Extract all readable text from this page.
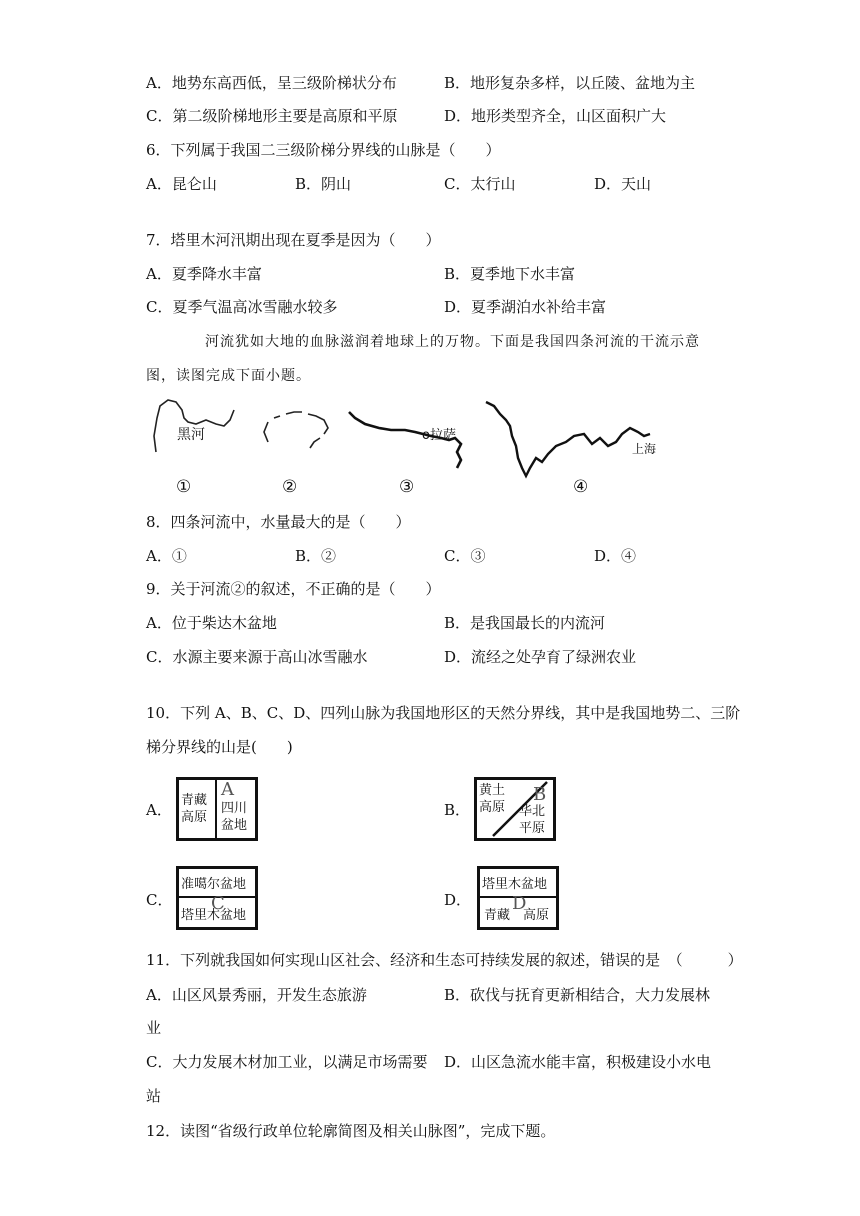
A．地势东高西低，呈三级阶梯状分布	B．地形复杂多样，以丘陵、盆地为主
C．第二级阶梯地形主要是高原和平原	D．地形类型齐全，山区面积广大
6．下列属于我国二三级阶梯分界线的山脉是（　　）
A．昆仑山	B．阴山	C．太行山	D．天山
7．塔里木河汛期出现在夏季是因为（　　）
A．夏季降水丰富	B．夏季地下水丰富
C．夏季气温高冰雪融水较多	D．夏季湖泊水补给丰富
河流犹如大地的血脉滋润着地球上的万物。下面是我国四条河流的干流示意
图，读图完成下面小题。
黑河	o拉萨
上海
①	②	③	④
8．四条河流中，水量最大的是（　　）
A．①	B．②	C．③	D．④
9．关于河流②的叙述，不正确的是（　　）
A．位于柴达木盆地	B．是我国最长的内流河
C．水源主要来源于高山冰雪融水	D．流经之处孕育了绿洲农业
10．下列 A、B、C、D、四列山脉为我国地形区的天然分界线，其中是我国地势二、三阶
梯分界线的山是(　　)
A．
青藏
高原
A
四川
盆地
B．
黄土
高原
B
华北
平原
C．
准噶尔盆地
C
塔里木盆地
D．
塔里木盆地
D
青藏　高原
11．下列就我国如何实现山区社会、经济和生态可持续发展的叙述，错误的是　（　　　）
A．山区风景秀丽，开发生态旅游	B．砍伐与抚育更新相结合，大力发展林
业
C．大力发展木材加工业，以满足市场需要 D．山区急流水能丰富，积极建设小水电
站
12．读图“省级行政单位轮廓简图及相关山脉图”，完成下题。
